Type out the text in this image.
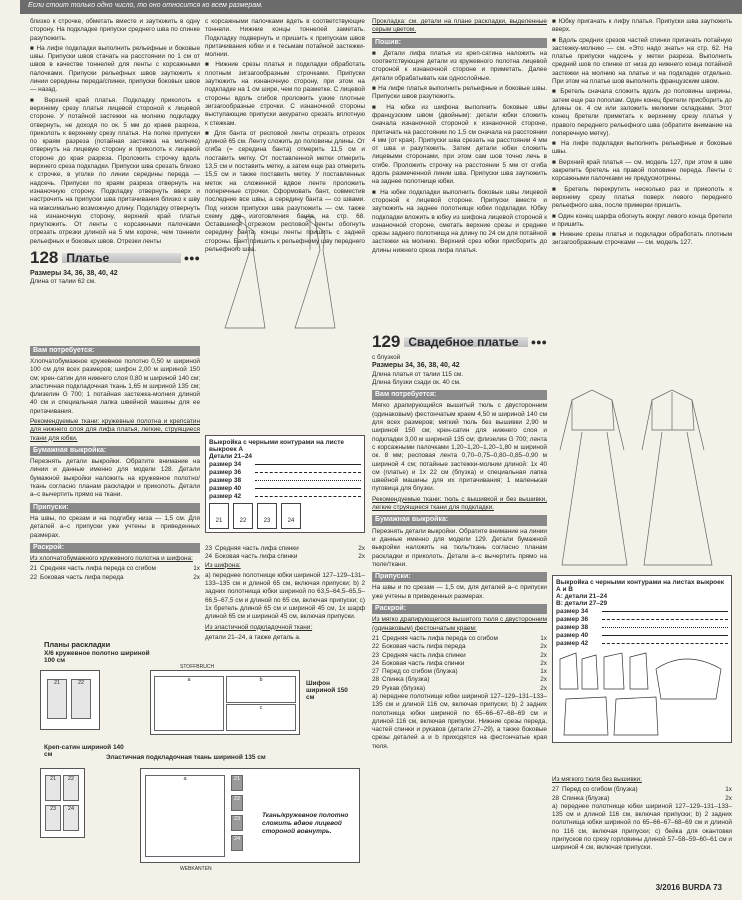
Если стоит только одно число, то оно относится ко всем размерам.

близко к строчке, обметать вместе и заутюжить в одну сторону. На подкладке припуски среднего шва по спинке разутюжить.

■ На лифе подкладки выполнить рельефные и боковые швы. Припуски швов стачать на расстоянии по 1 см от швов в качестве тоннелей для ленты с корсажными палочками. Припуски рельефных швов заутюжить к линии середины переда/спинки, припуски боковых швов — назад.

■ Верхний край платья. Подкладку приколоть к верхнему срезу платья лицевой стороной к лицевой стороне. У потайной застежки на молнию подкладку отвернуть, не доходя по ок. 5 мм до краев разреза, приколоть к верхнему срезу платья. На полке припуски по краям разреза (потайная застежка на молнию) отвернуть на лицевую сторону и приколоть к лицевой стороне до края разреза. Проложить строчку вдоль верхнего среза подкладки. Припуски шва срезать близко к строчке, в уголке по линии середины переда — надсечь. Припуски по краям разреза отвернуть на изнаночную сторону. Подкладку отвернуть вверх и настрочить на припуски шва притачивания близко к шву на максимально возможную длину. Подкладку отвернуть на изнаночную сторону, верхний край платья приутюжить. От ленты с корсажными палочками отрезать отрезки длиной на 5 мм короче, чем тоннели рельефных и боковых швов. Отрезки ленты

128 Платье	●●●
Размеры 34, 36, 38, 40, 42
Длина от талии 62 см.
Вам потребуется:

Хлопчатобумажное кружевное полотно 0,50 м шириной 100 см для всех размеров; шифон 2,00 м шириной 150 см; крен-сатин для нижнего слоя 0,80 м шириной 140 см; эластичная подкладочная ткань 1,65 м шириной 135 см; флизелин G 700; 1 потайная застежка-молния длиной 40 см и специальная лапка швейной машины для ее притачивания.

Рекомендуемые ткани: кружевные полотна и крепсатин для нижнего слоя для лифа платья, легкие, струящиеся ткани для юбки.

Бумажная выкройка:

Перезнять детали выкройки. Обратите внимание на линии и данные именно для модели 128. Детали бумажной выкройки наложить на кружевное полотно/ткань согласно планам раскладки и приколоть. Детали а–с вычертить прямо на ткани.

Припуски:

На швы, по срезам и на подгибку низа — 1,5 см. Для деталей а–с припуски уже учтены в приведенных размерах.

Раскрой:

Из хлопчатобумажного кружевного полотна и шифона:

21 Средняя часть лифа переда со сгибом	1x
22 Боковая часть лифа переда	2x
Планы раскладки
X/6 кружевное полотно шириной 100 см
21	22	a	b
c
Шифон шириной 150 см
Креп-сатин шириной 140 см
21	22
23	24
Эластичная подкладочная ткань шириной 135 см
a	21
22
23
24
Ткань/кружевное полотно сложить вдвое лицевой стороной вовнутрь.
STOFFBRUCH
WEBKANTEN

с корсажными палочками вдеть в соответствующие тоннели. Нижние концы тоннелей заметать. Подкладку подвернуть и пришить к припускам швов притачивания юбки и к тесьмам потайной застежки-молнии.

■ Нижние срезы платья и подкладки обработать плотным зигзагообразным строчками. Припуски заутюжить на изнаночную сторону, при этом на подкладке на 1 см шире, чем по разметке. С лицевой стороны вдоль сгибов проложить узкие плотные зигзагообразные строчки. С изнаночной стороны выступающие припуски аккуратно срезать вплотную к стежкам.

■ Для банта от респовой ленты отрезать отрезок длиной 65 см. Ленту сложить до половины длины. От сгиба (= середина банта) отмерить 11,5 см и поставить метку. От поставленной метки отмерить 13,5 см и поставить метку, а затем еще раз отмерить 15,5 см и также поставить метку. У поставленных меток на сложенной вдвое ленте проложить поперечные строчки. Сформовать бант, совместив последние все швы, а середину банта — со швами. Под низом припуски шва разутюжить — см. также схему для изготовления банта на стр. 68. Оставшиеся отрезком респовой ленты обогнуть середину банта, концы ленты пришить с задней стороны. Бант пришить к рельефному шву переднего рельефного шва.

Выкройка с черными контурами на листе выкроек А
Детали 21–24
размер 34
размер 36
размер 38
размер 40
размер 42
21	22	23	24
23 Средняя часть лифа спинки	2x
24 Боковая часть лифа спинки	2x

Из шифона:

а) переднее полотнище юбки шириной 127–129–131–133–135 см и длиной 65 см, включая припуски; b) 2 задних полотнища юбки шириной по 63,5–64,5–65,5–66,5–67,5 см и длиной по 65 см, включая припуски; с) 1х бретель длиной 65 см и шириной 45 см, 1х шарф длиной 65 см и шириной 45 см, включая припуски.

Из эластичной подкладочной ткани:

детали 21–24, а также деталь а.

Прокладка: см. детали на плане раскладки, выделенные серым цветом.

Пошив:

■ Детали лифа платья из креп-сатина наложить на соответствующие детали из кружевного полотна лицевой стороной к изнаночной стороне и приметать. Далее детали обрабатывать как однослойные.

■ На лифе платья выполнить рельефные и боковые швы. Припуски швов разутюжить.

■ На юбке из шифона выполнить боковые швы французским швом (двойным): детали юбки сложить сначала изнаночной стороной к изнаночной стороне, притачать на расстоянии по 1,5 см сначала на расстоянии 4 мм (от края). Припуски шва срезать на расстоянии 4 мм от шва и разутюжить. Затем детали юбки сложить лицевыми сторонами, при этом сам шов точно лечь в сгибе. Проложить строчку на расстоянии 5 мм от сгиба вдоль размеченной линии шва. Припуски шва заутюжить на заднее полотнище юбки.

■ На юбке подкладки выполнить боковые швы лицевой стороной к лицевой стороне. Припуски вместе и заутюжить на заднее полотнище юбки подкладки. Юбку подкладки вложить в юбку из шифона лицевой стороной к изнаночной стороне, сметать верхние срезы и среднее срезы заднего полотнища на длину по 24 см для потайной застежки на молнию. Верхний срез юбки присборить до длины нижнего среза лифа платья.

129 Свадебное платье	●●●
с блузкой
Размеры 34, 36, 38, 40, 42
Длина платья от талии 115 см.
Длина блузки сзади ок. 40 см.
Вам потребуется:

Мягко драпирующийся вышитый тюль с двусторонним (одинаковым) фестончатым краем 4,50 м шириной 140 см для всех размеров; мягкий тюль без вышивки 2,90 м шириной 150 см; крен-сатин для нижнего слоя и подкладки 3,00 м шириной 135 см; флизелин G 700; лента с корсажными палочками 1,20–1,20–1,20–1,80 м шириной ок. 8 мм; респовая лента 0,70–0,75–0,80–0,85–0,90 м шириной 4 см; потайные застежки-молнии длиной: 1х 40 см (платье) и 1х 22 см (блузка) и специальная лапка швейной машины для их притачивания; 1 маленькая пуговица для блузки.

Рекомендуемые ткани: тюль с вышивкой и без вышивки, легкие струящиеся ткани для подкладки.

Бумажная выкройка:

Перезнять детали выкройки. Обратите внимание на линии и данные именно для модели 129. Детали бумажной выкройки наложить на тюль/ткань согласно планам раскладки и приколоть. Детали а–с вычертить прямо на тюле/ткани.

Припуски:

На швы и по срезам — 1,5 см, для деталей а–с припуски уже учтены в приведенных размерах.

Раскрой:

Из мягко драпирующегося вышитого тюля с двусторонним (одинаковым) фестончатым краем:

21 Средняя часть лифа переда со сгибом	1x
22 Боковая часть лифа переда	2x
23 Средняя часть лифа спинки	2x
24 Боковая часть лифа спинки	2x
27 Перед со сгибом (блузка)	1x
28 Спинка (блузка)	2x
29 Рукав (блузка)	2x

а) переднее полотнище юбки шириной 127–129–131–133–135 см и длиной 116 см, включая припуски; b) 2 задних полотнища юбки шириной по 65–66–67–68–69 см и длиной 116 см, включая припуски. Нижние срезы переда, частей спинки и рукавов (детали 27–29), а также боковые срезы деталей а и b приходятся на фестончатые края тюля.

■ Юбку пригачать к лифу платья. Припуски шва заутюжить вверх.

■ Вдоль средних срезов частей спинки пригачать потайную застежку-молнию — см. «Это надо знать» на стр. 62. На платье припуски надсечь у метки разреза. Выполнить средний шов по спинке от низа до нижнего конца потайной застежки на молнию на платье и на подкладке отдельно. При этом на платье шов выполнить французским швом.

■ Бретель сначала сложить вдоль до половины ширины, затем еще раз пополам. Один конец бретели присборить до длины ок. 4 см или заложить мелкими складками. Этот конец бретели приметать к верхнему срезу платья у правого переднего рельефного шва (обратите внимание на поперечную метку).

■ На лифе подкладки выполнить рельефные и боковые швы.

■ Верхний край платья — см. модель 127, при этом в шве закрепить бретель на правой половине переда. Ленты с корсажными палочками не предусмотрены.

■ Бретель перекрутить несколько раз и приколоть к верхнему срезу платья поверх левого переднего рельефного шва, после примерки пришить.

■ Один конец шарфа обогнуть вокруг левого конца бретели и пришить.

■ Нижние срезы платья и подкладки обработать плотным зигзагообразным строчками — см. модель 127.

Выкройка с черными контурами на листах выкроек А и В
А: детали 21–24
В: детали 27–29
размер 34
размер 36
размер 38
размер 40
размер 42

Из мягкого тюля без вышивки:

27 Перед со сгибом (блузка)	1x
28 Спинка (блузка)	2x

а) переднее полотнище юбки шириной 127–129–131–133–135 см и длиной 116 см, включая припуски; b) 2 задних полотнища юбки шириной по 65–66–67–68–69 см и длиной по 116 см, включая припуски; с) бейка для окантовки припусков по срезу горловины длиной 57–58–59–60–61 см и шириной 4 см, включая припуски.

3/2016 BURDA 73
